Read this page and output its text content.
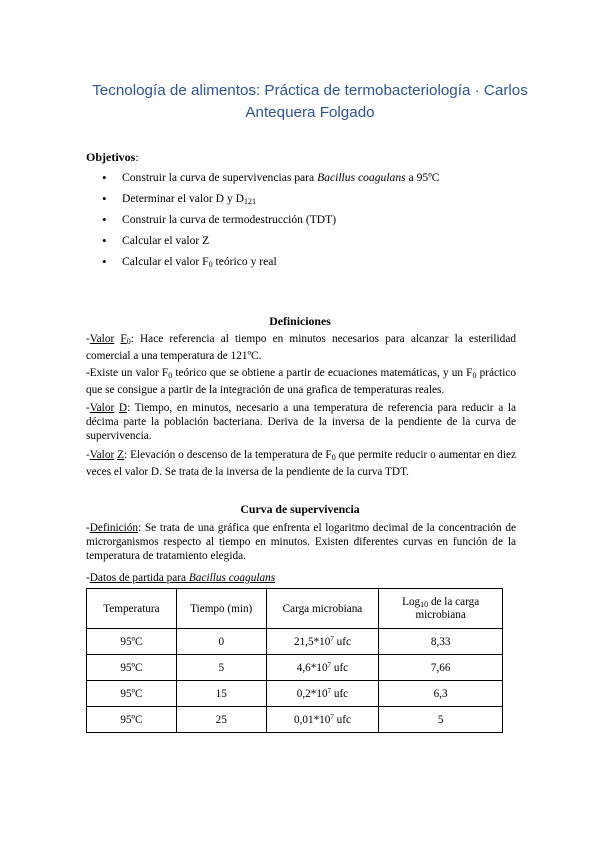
Tecnología de alimentos: Práctica de termobacteriología · Carlos Antequera Folgado
Objetivos:
• Construir la curva de supervivencias para Bacillus coagulans a 95ºC
• Determinar el valor D y $D_{121}$
• Construir la curva de termodestrucción (TDT)
• Calcular el valor Z
• Calcular el valor $F_0$ teórico y real
Definiciones
-Valor $F_0$: Hace referencia al tiempo en minutos necesarios para alcanzar la esterilidad comercial a una temperatura de 121ºC.
-Existe un valor $F_0$ teórico que se obtiene a partir de ecuaciones matemáticas, y un $F_0$ práctico que se consigue a partir de la integración de una grafica de temperaturas reales.
-Valor D: Tiempo, en minutos, necesario a una temperatura de referencia para reducir a la décima parte la población bacteriana. Deriva de la inversa de la pendiente de la curva de supervivencia.
-Valor Z: Elevación o descenso de la temperatura de $F_0$ que permite reducir o aumentar en diez veces el valor D. Se trata de la inversa de la pendiente de la curva TDT.
Curva de supervivencia
-Definición: Se trata de una gráfica que enfrenta el logaritmo decimal de la concentración de microrganismos respecto al tiempo en minutos. Existen diferentes curvas en función de la temperatura de tratamiento elegida.
-Datos de partida para Bacillus coagulans
Temperatura	Tiempo (min)	Carga microbiana	Log$_{10}$ de la carga microbiana
95ºC	0	$21,5*10^7$ ufc	8,33
95ºC	5	$4,6*10^7$ ufc	7,66
95ºC	15	$0,2*10^7$ ufc	6,3
95ºC	25	$0,01*10^7$ ufc	5
